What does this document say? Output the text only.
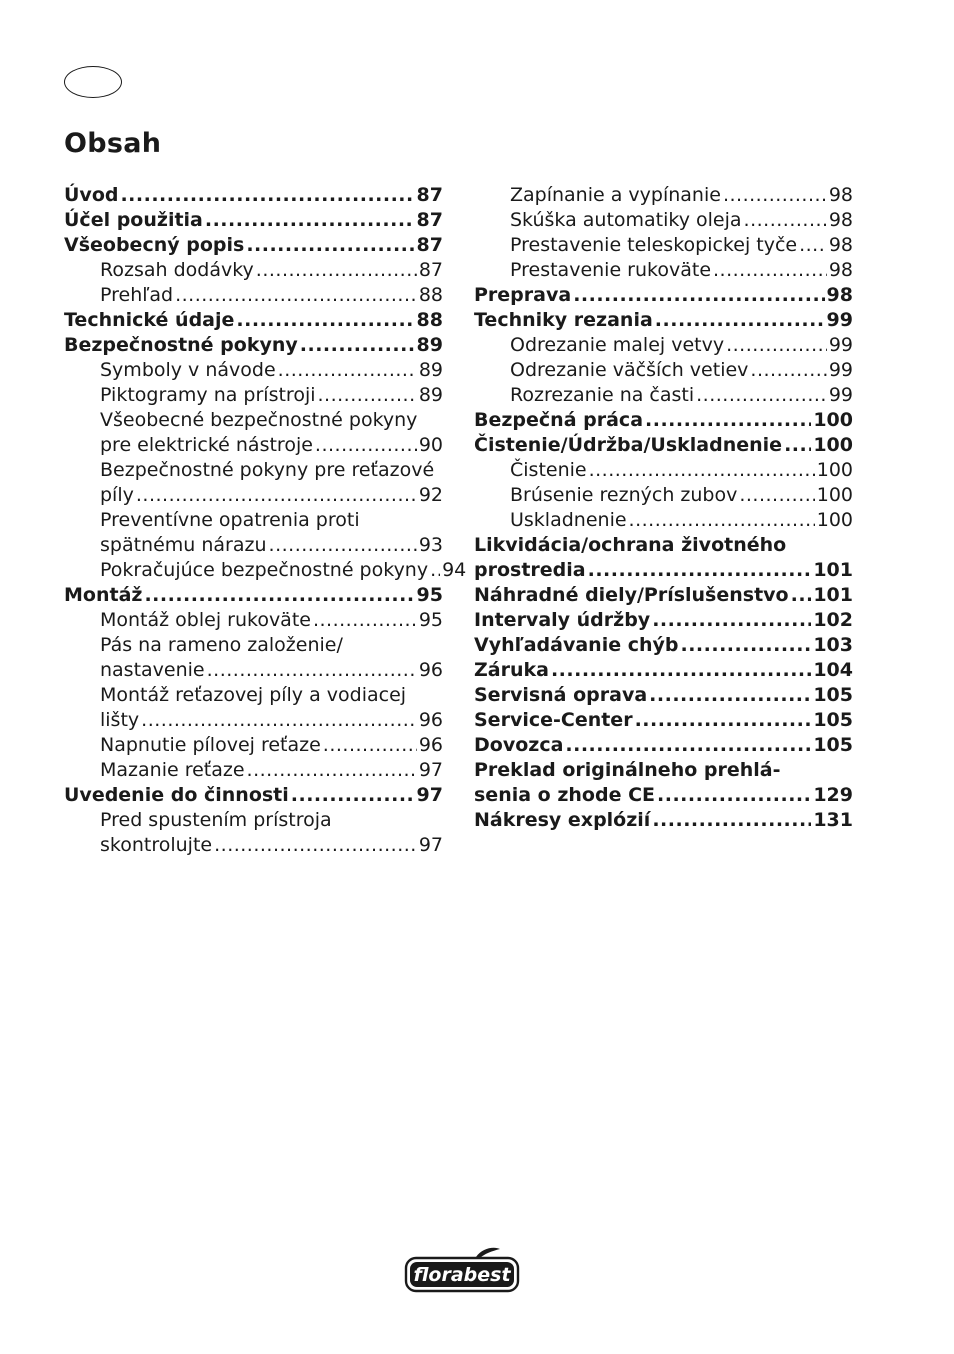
Obsah
Úvod .....	87
Účel použitia .....	87
Všeobecný popis .....	87
Rozsah dodávky .....	87
Prehľad .....	88
Technické údaje .....	88
Bezpečnostné pokyny .....	89
Symboly v návode .....	89
Piktogramy na prístroji .....	89
Všeobecné bezpečnostné pokyny
pre elektrické nástroje .....	90
Bezpečnostné pokyny pre reťazové
píly .....	92
Preventívne opatrenia proti
spätnému nárazu .....	93
Pokračujúce bezpečnostné pokyny ..... 94
Montáž .....	95
Montáž oblej rukoväte .....	95
Pás na rameno založenie/
nastavenie .....	96
Montáž reťazovej píly a vodiacej
lišty .....	96
Napnutie pílovej reťaze .....	96
Mazanie reťaze .....	97
Uvedenie do činnosti .....	97
Pred spustením prístroja
skontrolujte .....	97
Zapínanie a vypínanie .....	98
Skúška automatiky oleja .....	98
Prestavenie teleskopickej tyče ..... 98
Prestavenie rukoväte .....	98
Preprava .....	98
Techniky rezania .....	99
Odrezanie malej vetvy .....	99
Odrezanie väčších vetiev .....	99
Rozrezanie na časti .....	99
Bezpečná práca .....	100
Čistenie/Údržba/Uskladnenie ..... 100
Čistenie .....	100
Brúsenie rezných zubov .....	100
Uskladnenie .....	100
Likvidácia/ochrana životného
prostredia .....	101
Náhradné diely/Príslušenstvo ..... 101
Intervaly údržby .....	102
Vyhľadávanie chýb .....	103
Záruka .....	104
Servisná oprava .....	105
Service-Center .....	105
Dovozca .....	105
Preklad originálneho prehlá-
senia o zhode CE .....	129
Nákresy explózií .....	131
florabest
